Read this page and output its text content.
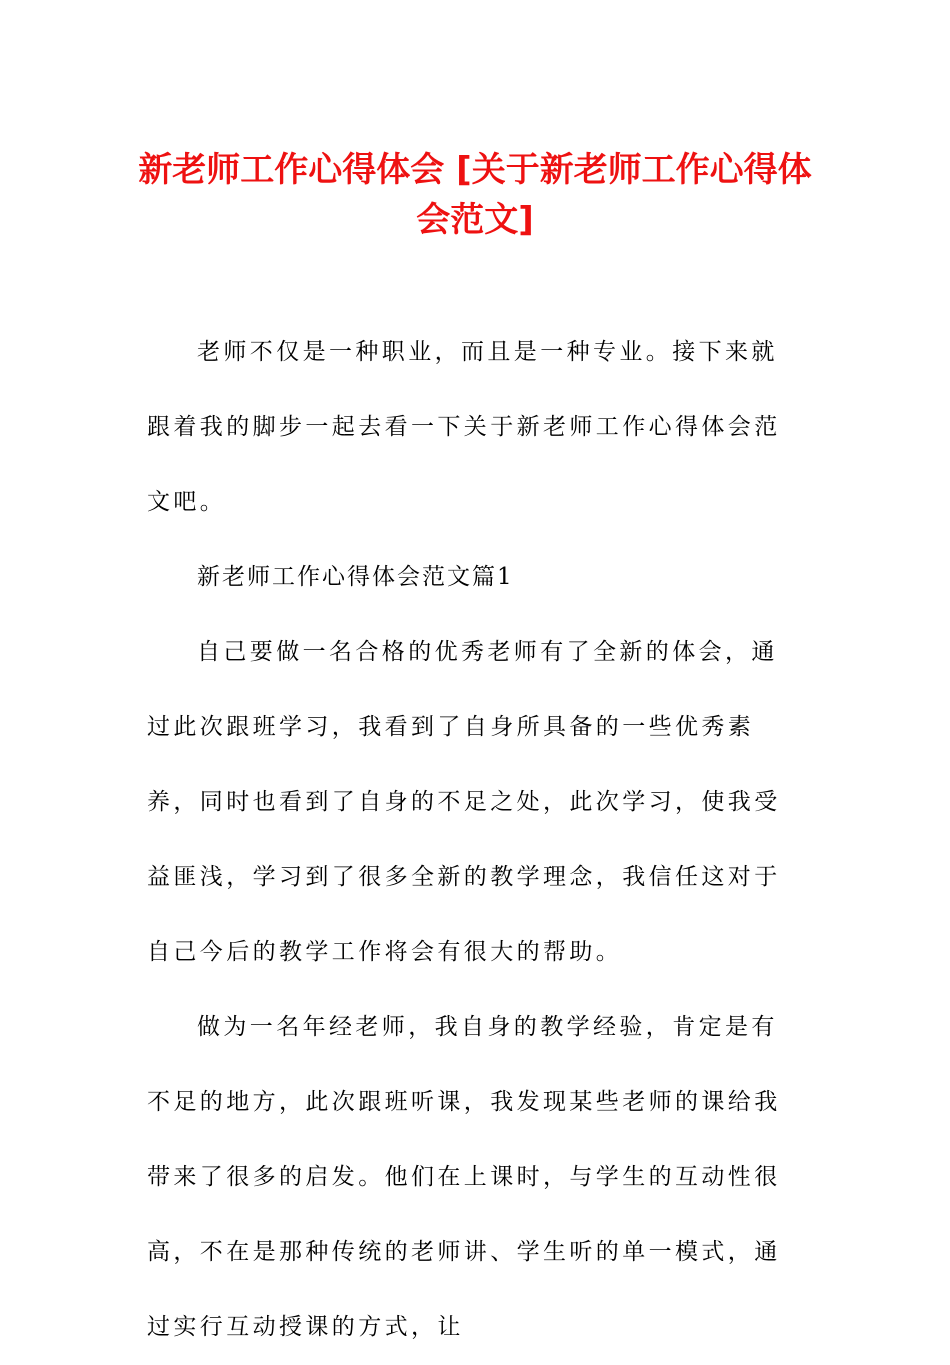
新老师工作心得体会 [关于新老师工作心得体会范文]

老师不仅是一种职业，而且是一种专业。接下来就跟着我的脚步一起去看一下关于新老师工作心得体会范文吧。

新老师工作心得体会范文篇1

自己要做一名合格的优秀老师有了全新的体会，通过此次跟班学习，我看到了自身所具备的一些优秀素养，同时也看到了自身的不足之处，此次学习，使我受益匪浅，学习到了很多全新的教学理念，我信任这对于自己今后的教学工作将会有很大的帮助。

做为一名年经老师，我自身的教学经验，肯定是有不足的地方，此次跟班听课，我发现某些老师的课给我带来了很多的启发。他们在上课时，与学生的互动性很高，不在是那种传统的老师讲、学生听的单一模式，通过实行互动授课的方式，让
